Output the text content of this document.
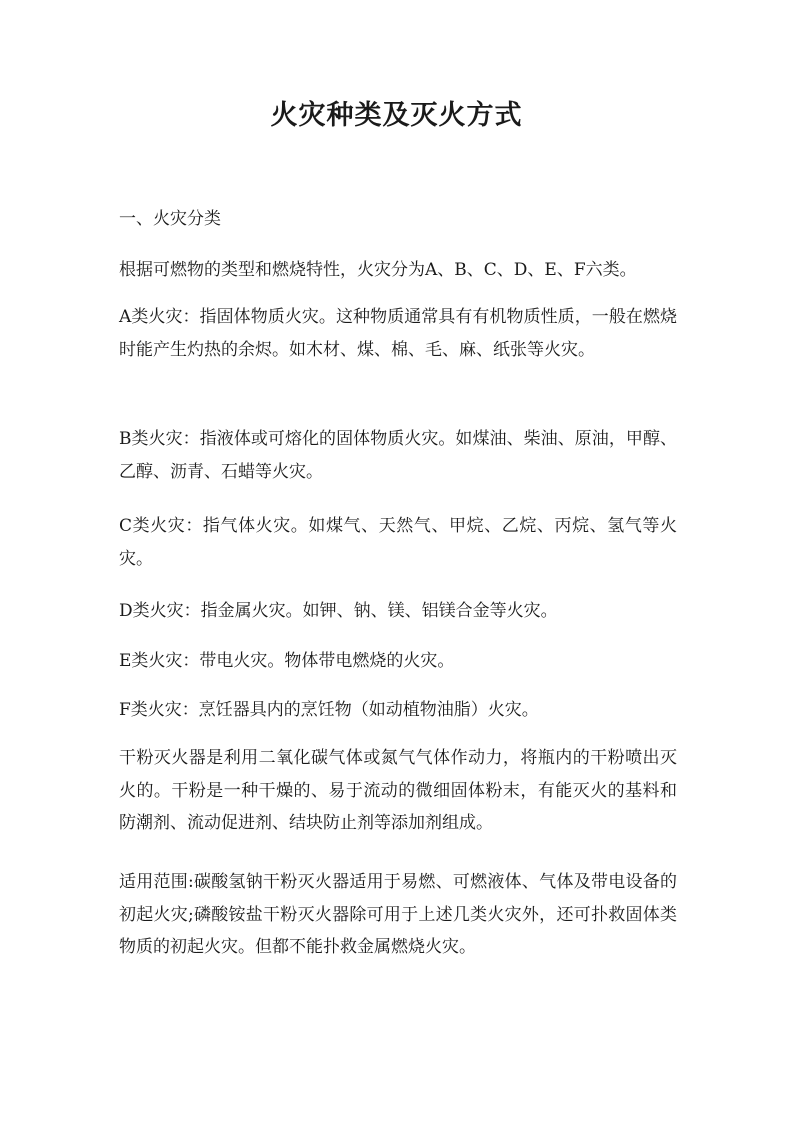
火灾种类及灭火方式
一、火灾分类

根据可燃物的类型和燃烧特性，火灾分为A、B、C、D、E、F六类。

A类火灾：指固体物质火灾。这种物质通常具有有机物质性质，一般在燃烧时能产生灼热的余烬。如木材、煤、棉、毛、麻、纸张等火灾。

B类火灾：指液体或可熔化的固体物质火灾。如煤油、柴油、原油，甲醇、乙醇、沥青、石蜡等火灾。

C类火灾：指气体火灾。如煤气、天然气、甲烷、乙烷、丙烷、氢气等火灾。

D类火灾：指金属火灾。如钾、钠、镁、铝镁合金等火灾。

E类火灾：带电火灾。物体带电燃烧的火灾。

F类火灾：烹饪器具内的烹饪物（如动植物油脂）火灾。

干粉灭火器是利用二氧化碳气体或氮气气体作动力，将瓶内的干粉喷出灭火的。干粉是一种干燥的、易于流动的微细固体粉末，有能灭火的基料和防潮剂、流动促进剂、结块防止剂等添加剂组成。

适用范围:碳酸氢钠干粉灭火器适用于易燃、可燃液体、气体及带电设备的初起火灾;磷酸铵盐干粉灭火器除可用于上述几类火灾外，还可扑救固体类物质的初起火灾。但都不能扑救金属燃烧火灾。
